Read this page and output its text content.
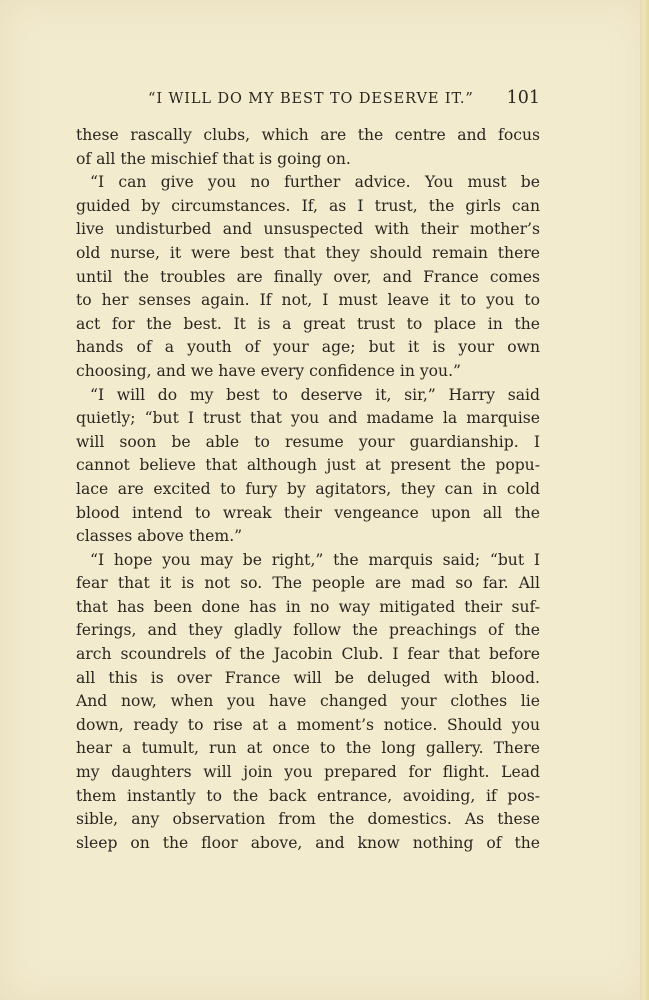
“I WILL DO MY BEST TO DESERVE IT.” 101
these rascally clubs, which are the centre and focus
of all the mischief that is going on.
“I can give you no further advice. You must be
guided by circumstances. If, as I trust, the girls can
live undisturbed and unsuspected with their mother’s
old nurse, it were best that they should remain there
until the troubles are finally over, and France comes
to her senses again. If not, I must leave it to you to
act for the best. It is a great trust to place in the
hands of a youth of your age; but it is your own
choosing, and we have every confidence in you.”
“I will do my best to deserve it, sir,” Harry said
quietly; “but I trust that you and madame la marquise
will soon be able to resume your guardianship. I
cannot believe that although just at present the popu-
lace are excited to fury by agitators, they can in cold
blood intend to wreak their vengeance upon all the
classes above them.”
“I hope you may be right,” the marquis said; “but I
fear that it is not so. The people are mad so far. All
that has been done has in no way mitigated their suf-
ferings, and they gladly follow the preachings of the
arch scoundrels of the Jacobin Club. I fear that before
all this is over France will be deluged with blood.
And now, when you have changed your clothes lie
down, ready to rise at a moment’s notice. Should you
hear a tumult, run at once to the long gallery. There
my daughters will join you prepared for flight. Lead
them instantly to the back entrance, avoiding, if pos-
sible, any observation from the domestics. As these
sleep on the floor above, and know nothing of the
